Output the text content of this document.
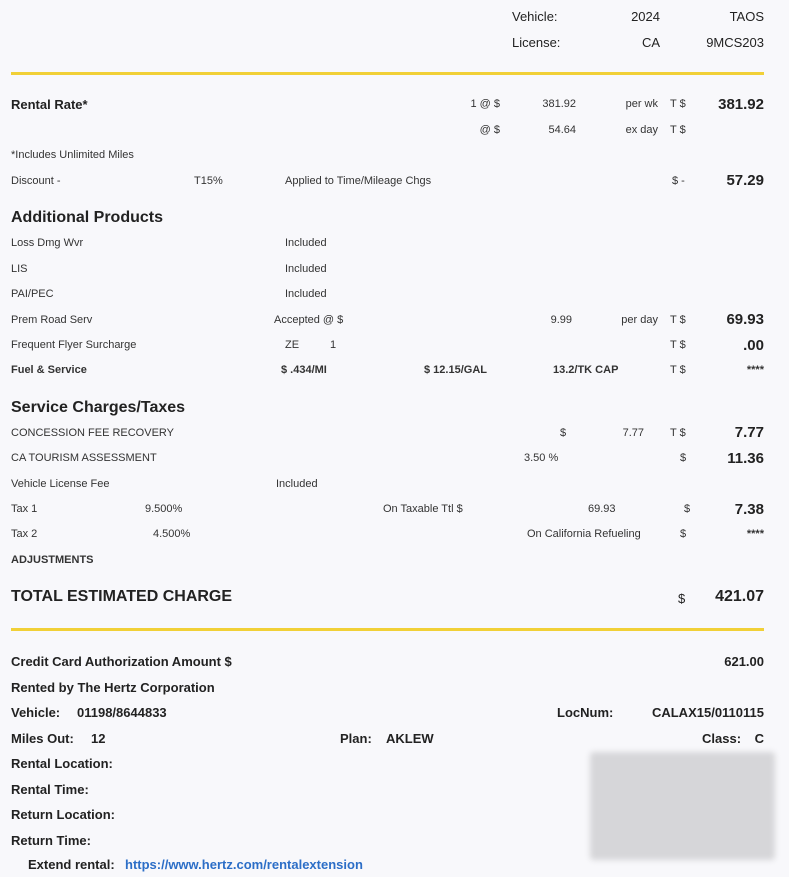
Vehicle:	2024	TAOS
License:	CA	9MCS203
Rental Rate*	1 @ $	381.92	per wk T $	381.92
@ $	54.64	ex day T $
*Includes Unlimited Miles
Discount -	T15%	Applied to Time/Mileage Chgs	$ -	57.29
Additional Products
Loss Dmg Wvr	Included
LIS	Included
PAI/PEC	Included
Prem Road Serv	Accepted @ $	9.99	per day T $	69.93
Frequent Flyer Surcharge	ZE	1	T $	.00
Fuel & Service	$ .434/MI	$ 12.15/GAL	13.2/TK CAP	T $	****
Service Charges/Taxes
CONCESSION FEE RECOVERY	$	7.77 T $	7.77
CA TOURISM ASSESSMENT	3.50 %	$	11.36
Vehicle License Fee	Included
Tax 1	9.500%	On Taxable Ttl $	69.93	$	7.38
Tax 2	4.500%	On California Refueling	$	****
ADJUSTMENTS
TOTAL ESTIMATED CHARGE	$	421.07
Credit Card Authorization Amount $	621.00
Rented by The Hertz Corporation
Vehicle: 01198/8644833	LocNum:	CALAX15/0110115
Miles Out: 12	Plan: AKLEW	Class:	C
Rental Location:
Rental Time:
Return Location:
Return Time:
Extend rental: https://www.hertz.com/rentalextension
